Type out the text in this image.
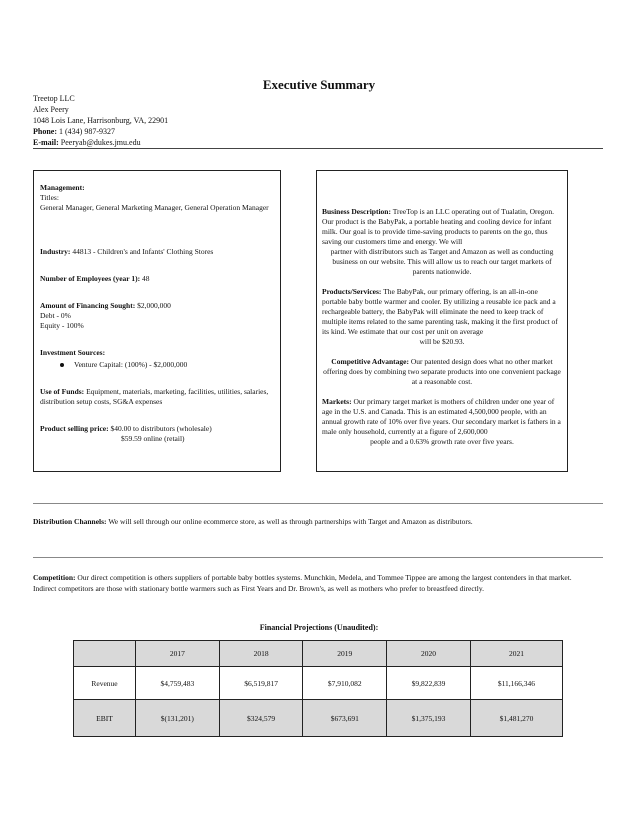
Executive Summary
Treetop LLC
Alex Peery
1048 Lois Lane, Harrisonburg, VA, 22901
Phone: 1 (434) 987-9327
E-mail: Peeryab@dukes.jmu.edu
Management:
Titles:
General Manager, General Marketing Manager, General Operation Manager
Industry: 44813 - Children's and Infants' Clothing Stores
Number of Employees (year 1): 48
Amount of Financing Sought: $2,000,000
Debt - 0%
Equity - 100%
Investment Sources:
Venture Capital: (100%) - $2,000,000
Use of Funds: Equipment, materials, marketing, facilities, utilities, salaries, distribution setup costs, SG&A expenses
Product selling price: $40.00 to distributors (wholesale)
$59.59 online (retail)
Business Description: TreeTop is an LLC operating out of Tualatin, Oregon. Our product is the BabyPak, a portable heating and cooling device for infant milk. Our goal is to provide time-saving products to parents on the go, thus saving our customers time and energy. We will
partner with distributors such as Target and Amazon as well as conducting business on our website. This will allow us to reach our target markets of parents nationwide.
Products/Services: The BabyPak, our primary offering, is an all-in-one portable baby bottle warmer and cooler. By utilizing a reusable ice pack and a rechargeable battery, the BabyPak will eliminate the need to keep track of multiple items related to the same parenting task, making it the first product of its kind. We estimate that our cost per unit on average
will be $20.93.
Competitive Advantage: Our patented design does what no other market offering does by combining two separate products into one convenient package at a reasonable cost.
Markets: Our primary target market is mothers of children under one year of age in the U.S. and Canada. This is an estimated 4,500,000 people, with an annual growth rate of 10% over five years. Our secondary market is fathers in a male only household, currently at a figure of 2,600,000
people and a 0.63% growth rate over five years.
Distribution Channels: We will sell through our online ecommerce store, as well as through partnerships with Target and Amazon as distributors.
Competition: Our direct competition is others suppliers of portable baby bottles systems. Munchkin, Medela, and Tommee Tippee are among the largest contenders in that market. Indirect competitors are those with stationary bottle warmers such as First Years and Dr. Brown's, as well as mothers who prefer to breastfeed directly.
Financial Projections (Unaudited):
	2017	2018	2019	2020	2021
Revenue	$4,759,483	$6,519,817	$7,910,082	$9,822,839	$11,166,346
EBIT	$(131,201)	$324,579	$673,691	$1,375,193	$1,481,270
